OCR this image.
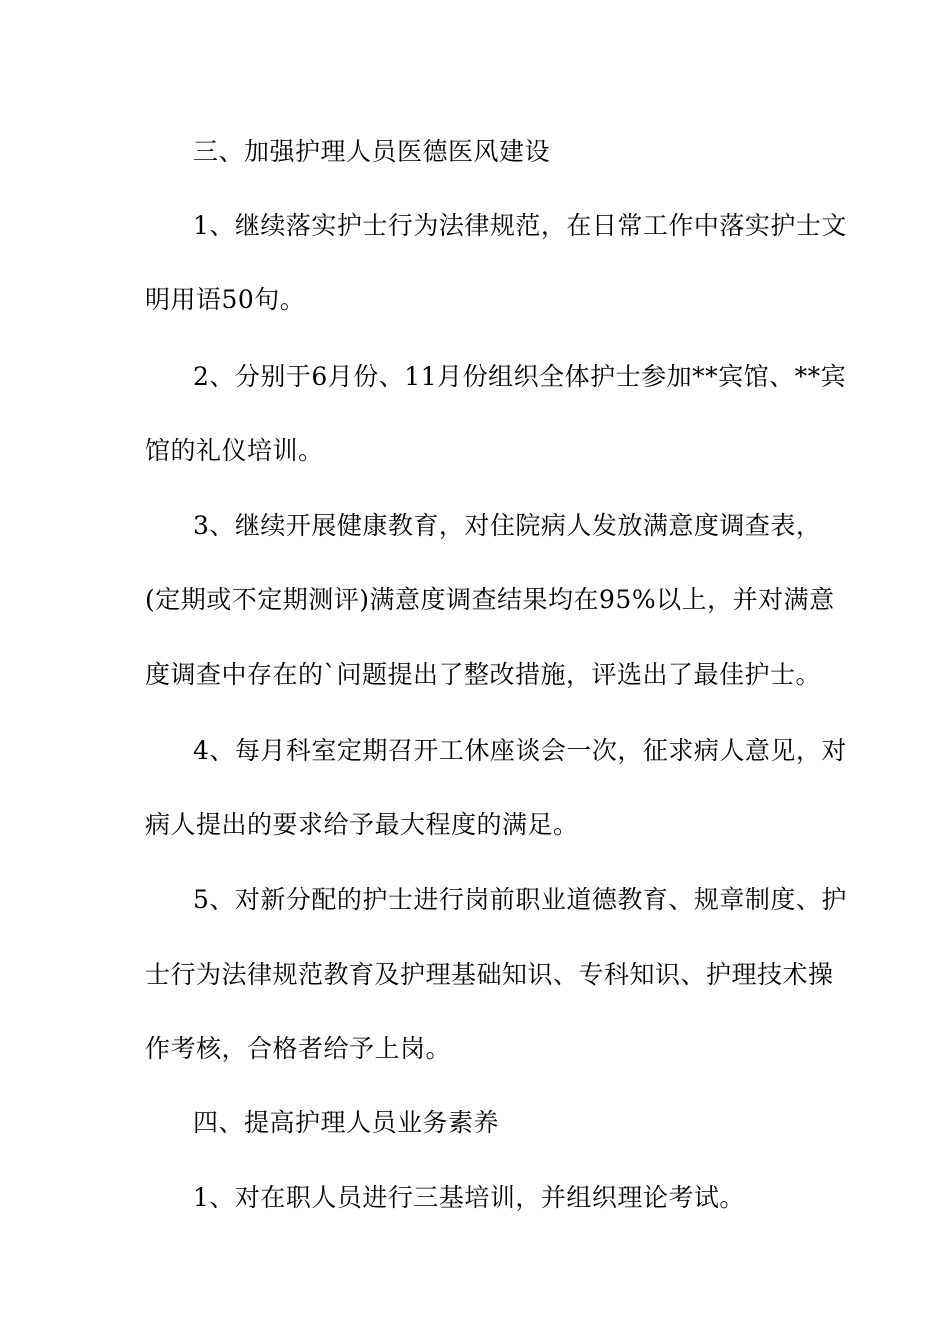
三、加强护理人员医德医风建设
1、继续落实护士行为法律规范，在日常工作中落实护士文
明用语50句。
2、分别于6月份、11月份组织全体护士参加**宾馆、**宾
馆的礼仪培训。
3、继续开展健康教育，对住院病人发放满意度调查表，
(定期或不定期测评)满意度调查结果均在95%以上，并对满意
度调查中存在的`问题提出了整改措施，评选出了最佳护士。
4、每月科室定期召开工休座谈会一次，征求病人意见，对
病人提出的要求给予最大程度的满足。
5、对新分配的护士进行岗前职业道德教育、规章制度、护
士行为法律规范教育及护理基础知识、专科知识、护理技术操
作考核，合格者给予上岗。
四、提高护理人员业务素养
1、对在职人员进行三基培训，并组织理论考试。
